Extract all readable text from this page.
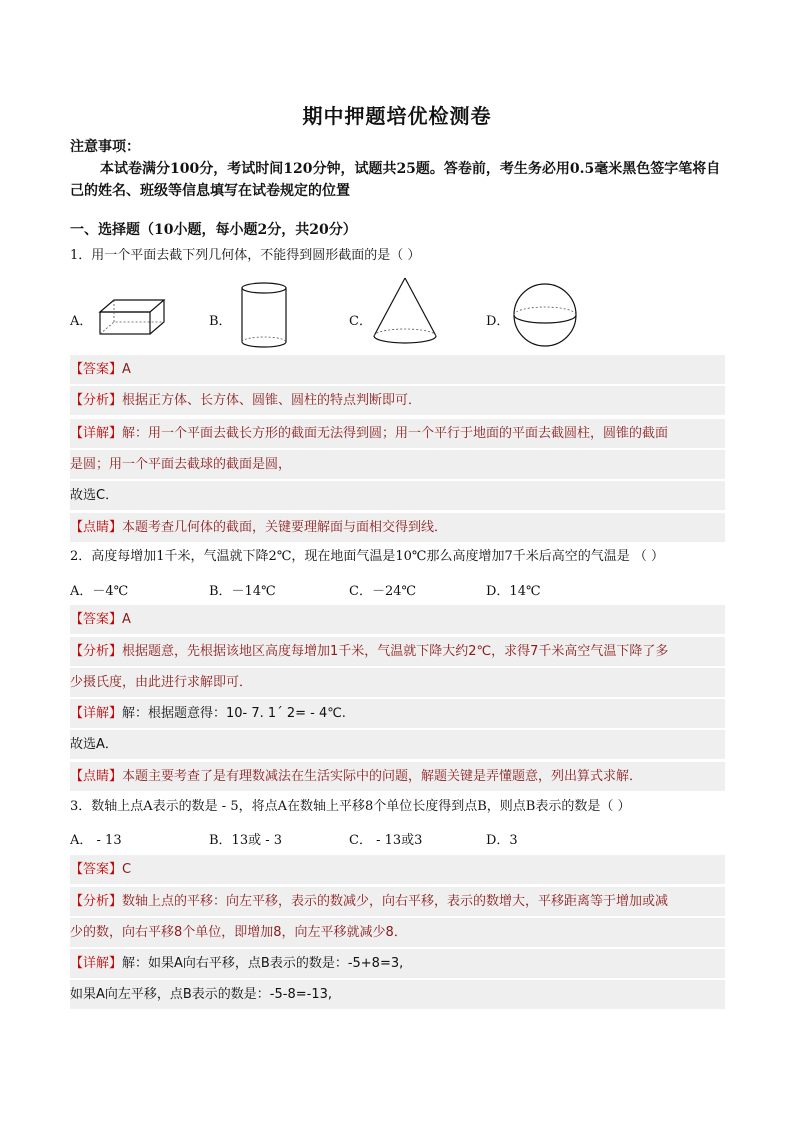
期中押题培优检测卷
注意事项：
本试卷满分100分，考试时间120分钟，试题共25题。答卷前，考生务必用0.5毫米黑色签字笔将自己的姓名、班级等信息填写在试卷规定的位置
一、选择题（10小题，每小题2分，共20分）
1．用一个平面去截下列几何体，不能得到圆形截面的是（ ）
A．	B．	C．	D．
【答案】A
【分析】根据正方体、长方体、圆锥、圆柱的特点判断即可．
【详解】解：用一个平面去截长方形的截面无法得到圆；用一个平行于地面的平面去截圆柱，圆锥的截面
是圆；用一个平面去截球的截面是圆，
故选C．
【点睛】本题考查几何体的截面，关键要理解面与面相交得到线．
2．高度每增加1千米，气温就下降2℃，现在地面气温是10℃那么高度增加7千米后高空的气温是 （ ）
A．－4℃	B．－14℃	C．－24℃	D．14℃
【答案】A
【分析】根据题意，先根据该地区高度每增加1千米，气温就下降大约2℃，求得7千米高空气温下降了多
少摄氏度，由此进行求解即可．
【详解】解：根据题意得：10- 7. 1´ 2= - 4℃.
故选A．
【点睛】本题主要考查了是有理数减法在生活实际中的问题，解题关键是弄懂题意，列出算式求解．
3．数轴上点A表示的数是 - 5，将点A在数轴上平移8个单位长度得到点B，则点B表示的数是（ ）
A． - 13	B．13或 - 3	C． - 13或3	D．3
【答案】C
【分析】数轴上点的平移：向左平移，表示的数减少，向右平移，表示的数增大，平移距离等于增加或减
少的数，向右平移8个单位，即增加8，向左平移就减少8．
【详解】解：如果A向右平移，点B表示的数是：-5+8=3,
如果A向左平移，点B表示的数是：-5-8=-13,
